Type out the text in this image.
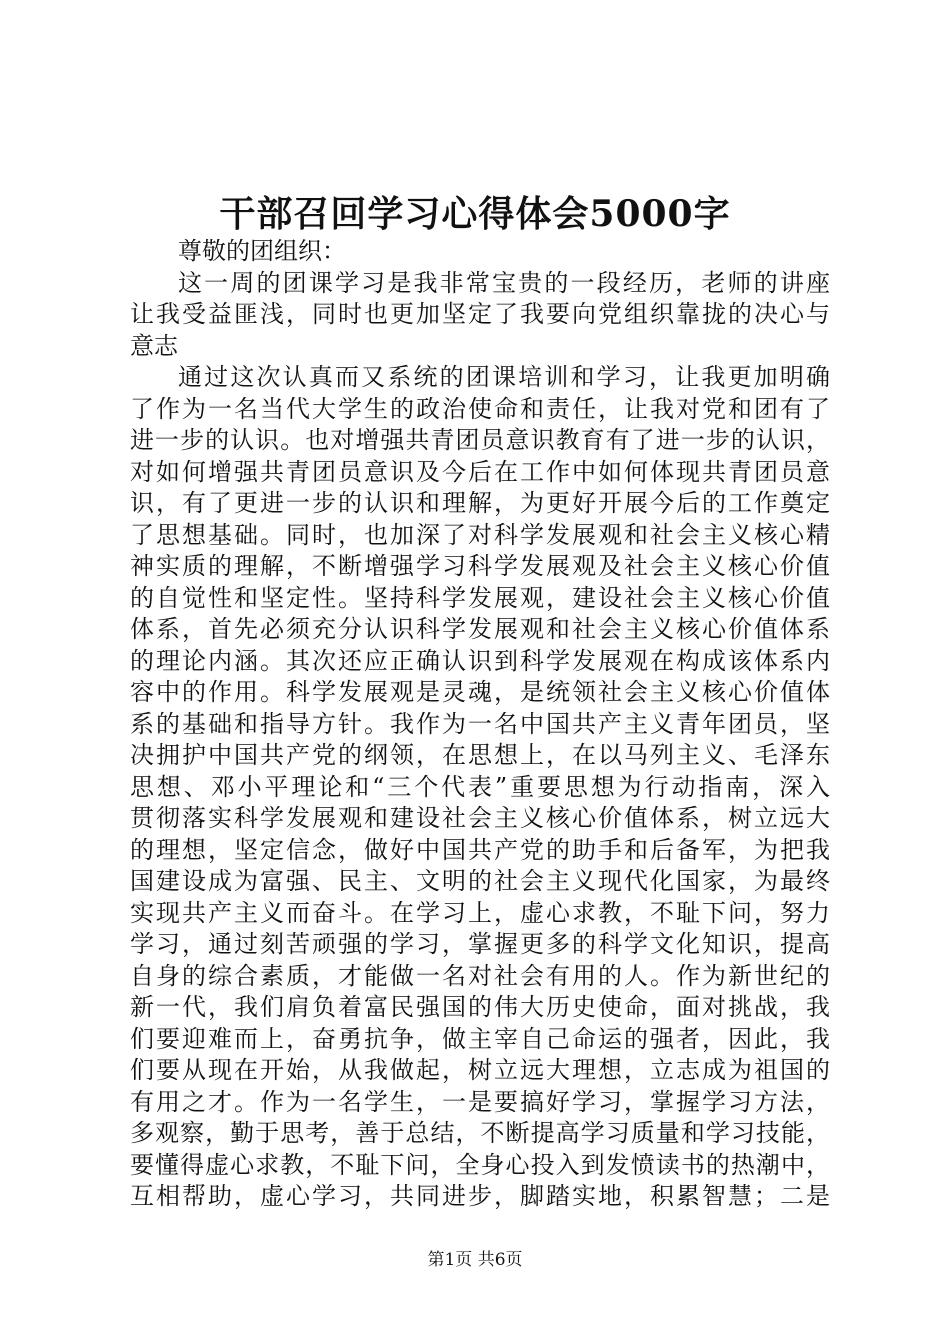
干部召回学习心得体会5000字
尊敬的团组织：
这一周的团课学习是我非常宝贵的一段经历，老师的讲座
让我受益匪浅，同时也更加坚定了我要向党组织靠拢的决心与
意志
通过这次认真而又系统的团课培训和学习，让我更加明确
了作为一名当代大学生的政治使命和责任，让我对党和团有了
进一步的认识。也对增强共青团员意识教育有了进一步的认识，
对如何增强共青团员意识及今后在工作中如何体现共青团员意
识，有了更进一步的认识和理解，为更好开展今后的工作奠定
了思想基础。同时，也加深了对科学发展观和社会主义核心精
神实质的理解，不断增强学习科学发展观及社会主义核心价值
的自觉性和坚定性。坚持科学发展观，建设社会主义核心价值
体系，首先必须充分认识科学发展观和社会主义核心价值体系
的理论内涵。其次还应正确认识到科学发展观在构成该体系内
容中的作用。科学发展观是灵魂，是统领社会主义核心价值体
系的基础和指导方针。我作为一名中国共产主义青年团员，坚
决拥护中国共产党的纲领，在思想上，在以马列主义、毛泽东
思想、邓小平理论和“三个代表”重要思想为行动指南，深入
贯彻落实科学发展观和建设社会主义核心价值体系，树立远大
的理想，坚定信念，做好中国共产党的助手和后备军，为把我
国建设成为富强、民主、文明的社会主义现代化国家，为最终
实现共产主义而奋斗。在学习上，虚心求教，不耻下问，努力
学习，通过刻苦顽强的学习，掌握更多的科学文化知识，提高
自身的综合素质，才能做一名对社会有用的人。作为新世纪的
新一代，我们肩负着富民强国的伟大历史使命，面对挑战，我
们要迎难而上，奋勇抗争，做主宰自己命运的强者，因此，我
们要从现在开始，从我做起，树立远大理想，立志成为祖国的
有用之才。作为一名学生，一是要搞好学习，掌握学习方法，
多观察，勤于思考，善于总结，不断提高学习质量和学习技能，
要懂得虚心求教，不耻下问，全身心投入到发愤读书的热潮中，
互相帮助，虚心学习，共同进步，脚踏实地，积累智慧；二是
第1页 共6页
